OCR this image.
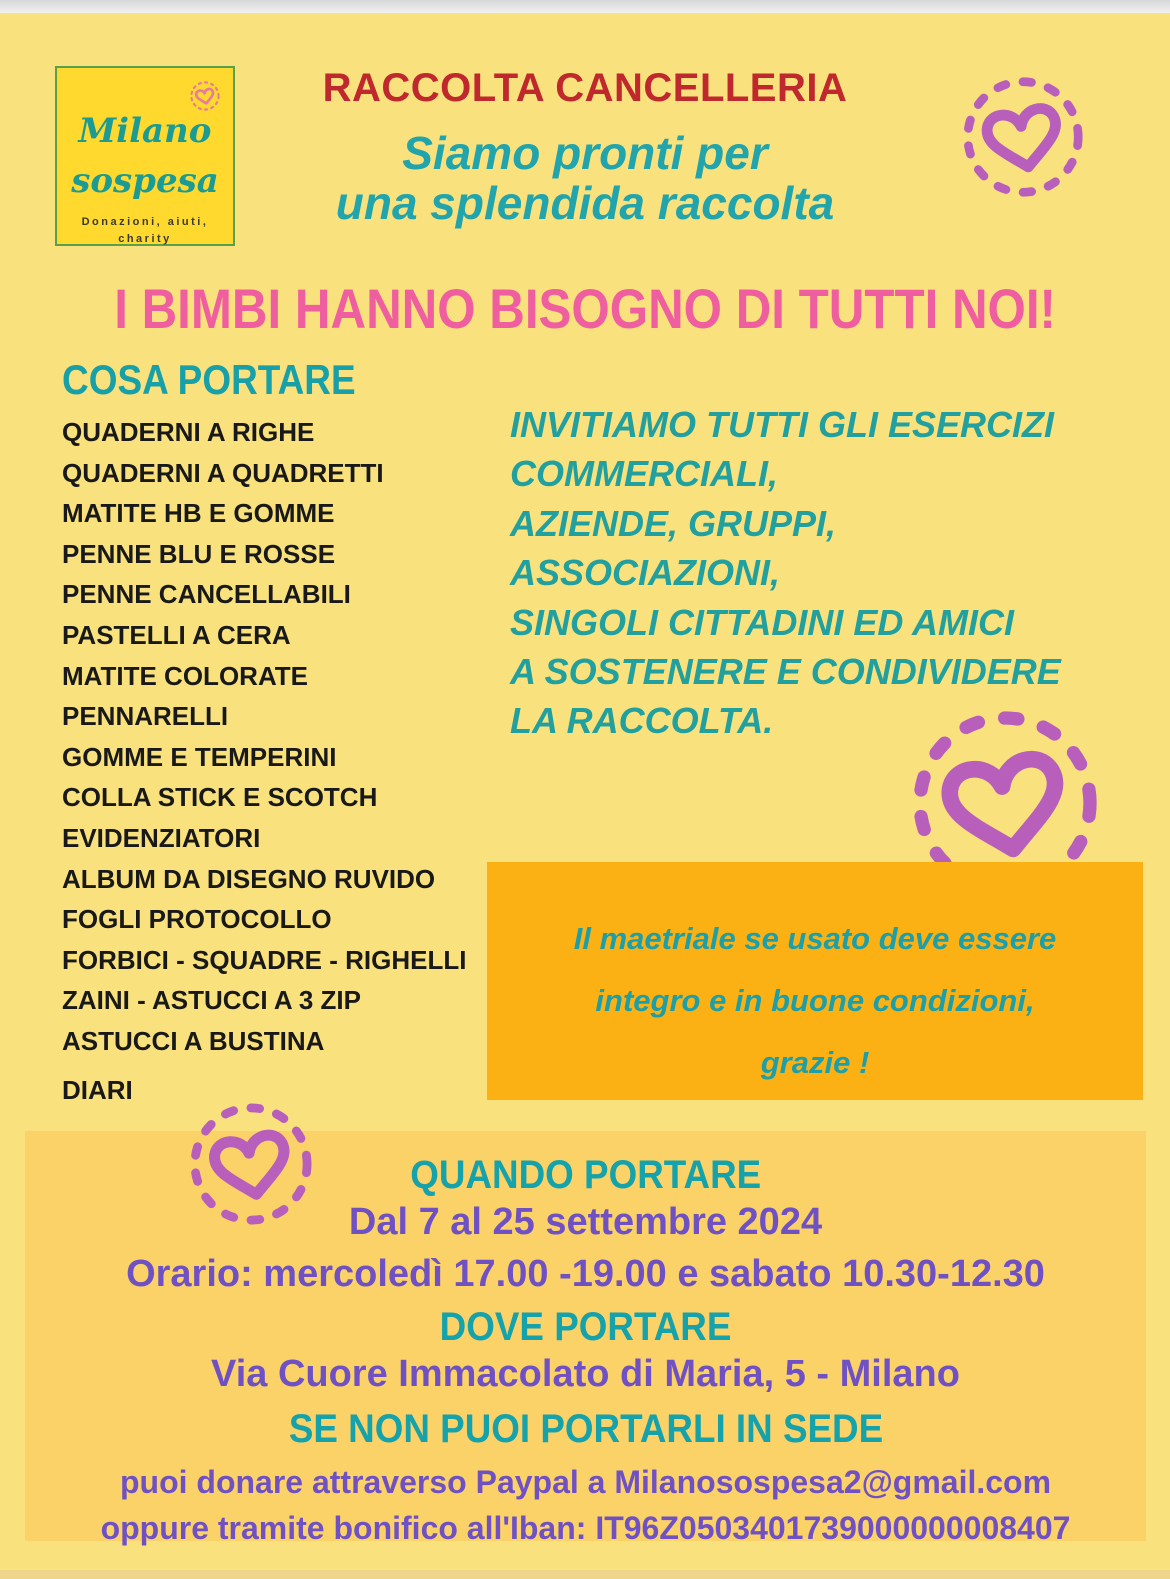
Milano
sospesa
Donazioni, aiuti,
charity
RACCOLTA CANCELLERIA
Siamo pronti per
una splendida raccolta
I BIMBI HANNO BISOGNO DI TUTTI NOI!
COSA PORTARE
QUADERNI A RIGHE
QUADERNI A QUADRETTI
MATITE HB E GOMME
PENNE BLU E ROSSE
PENNE CANCELLABILI
PASTELLI A CERA
MATITE COLORATE
PENNARELLI
GOMME E TEMPERINI
COLLA STICK E SCOTCH
EVIDENZIATORI
ALBUM DA DISEGNO RUVIDO
FOGLI PROTOCOLLO
FORBICI - SQUADRE - RIGHELLI
ZAINI - ASTUCCI A 3 ZIP
ASTUCCI A BUSTINA
DIARI
INVITIAMO TUTTI GLI ESERCIZI
COMMERCIALI,
AZIENDE, GRUPPI,
ASSOCIAZIONI,
SINGOLI CITTADINI ED AMICI
A SOSTENERE E CONDIVIDERE
LA RACCOLTA.
Il maetriale se usato deve essere
integro e in buone condizioni,
grazie !
QUANDO PORTARE
Dal 7 al 25 settembre 2024
Orario: mercoledì 17.00 -19.00 e sabato 10.30-12.30
DOVE PORTARE
Via Cuore Immacolato di Maria, 5 - Milano
SE NON PUOI PORTARLI IN SEDE
puoi donare attraverso Paypal a Milanosospesa2@gmail.com
oppure tramite bonifico all'Iban: IT96Z0503401739000000008407
